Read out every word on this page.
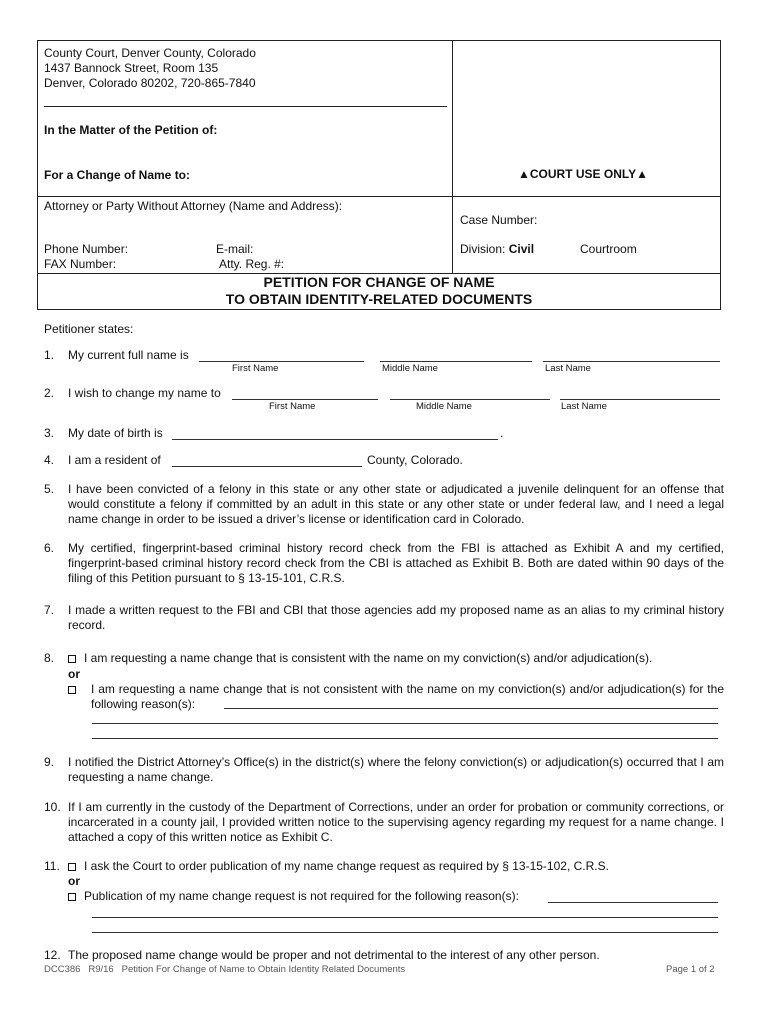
County Court, Denver County, Colorado
1437 Bannock Street, Room 135
Denver, Colorado 80202, 720-865-7840
In the Matter of the Petition of:
For a Change of Name to:	▲COURT USE ONLY▲
Attorney or Party Without Attorney (Name and Address):
Phone Number:
FAX Number:
E-mail:
Atty. Reg. #:
Case Number:
Division: Civil	Courtroom
PETITION FOR CHANGE OF NAME
TO OBTAIN IDENTITY-RELATED DOCUMENTS
Petitioner states:
1. My current full name is
First Name	Middle Name	Last Name
2. I wish to change my name to
First Name	Middle Name	Last Name
3. My date of birth is	.
4. I am a resident of	County, Colorado.
5. I have been convicted of a felony in this state or any other state or adjudicated a juvenile delinquent for an offense that would constitute a felony if committed by an adult in this state or any other state or under federal law, and I need a legal name change in order to be issued a driver’s license or identification card in Colorado.
6. My certified, fingerprint-based criminal history record check from the FBI is attached as Exhibit A and my certified, fingerprint-based criminal history record check from the CBI is attached as Exhibit B. Both are dated within 90 days of the filing of this Petition pursuant to § 13-15-101, C.R.S.
7. I made a written request to the FBI and CBI that those agencies add my proposed name as an alias to my criminal history record.
8.	I am requesting a name change that is consistent with the name on my conviction(s) and/or adjudication(s).
or
I am requesting a name change that is not consistent with the name on my conviction(s) and/or adjudication(s) for the following reason(s):
9. I notified the District Attorney’s Office(s) in the district(s) where the felony conviction(s) or adjudication(s) occurred that I am requesting a name change.
10. If I am currently in the custody of the Department of Corrections, under an order for probation or community corrections, or incarcerated in a county jail, I provided written notice to the supervising agency regarding my request for a name change. I attached a copy of this written notice as Exhibit C.
11.	I ask the Court to order publication of my name change request as required by § 13-15-102, C.R.S.
or
Publication of my name change request is not required for the following reason(s):
12. The proposed name change would be proper and not detrimental to the interest of any other person.
DCC386   R9/16   Petition For Change of Name to Obtain Identity Related Documents	Page 1 of 2
